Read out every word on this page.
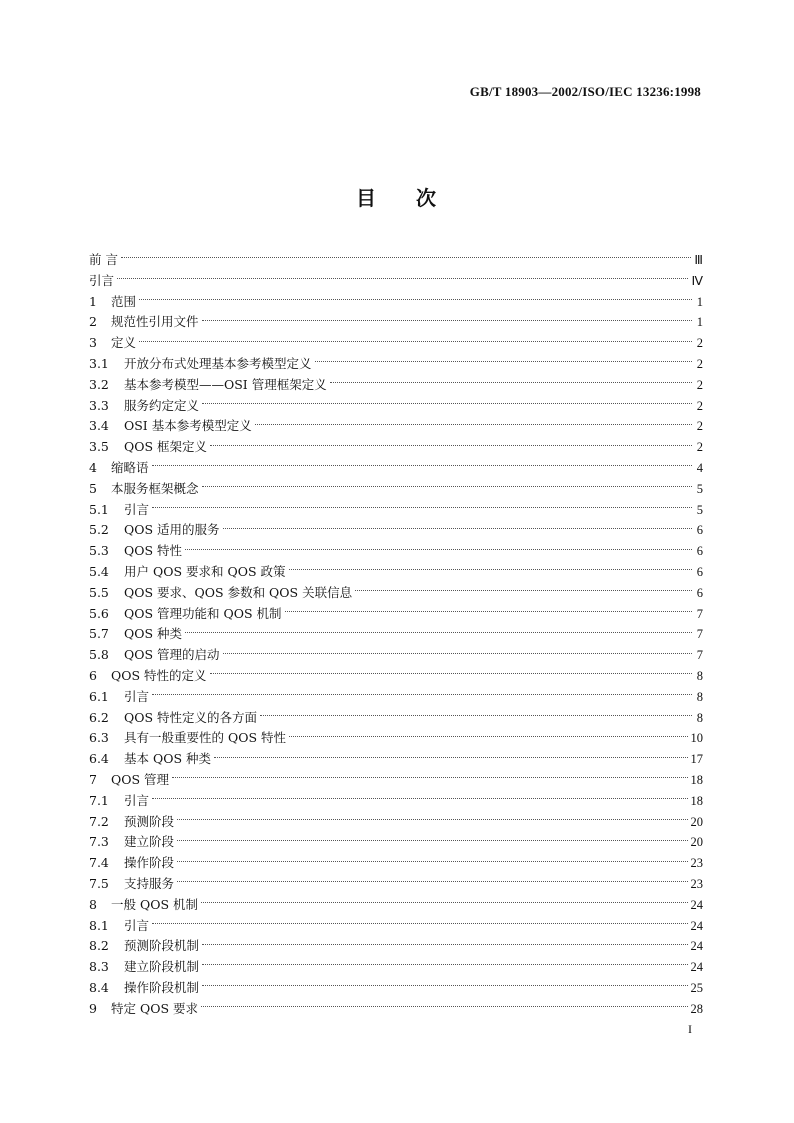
GB/T 18903—2002/ISO/IEC 13236:1998
目 次
前 言	Ⅲ
引言	Ⅳ
1	范围	1
2	规范性引用文件	1
3	定义	2
3.1	开放分布式处理基本参考模型定义	2
3.2	基本参考模型——OSI 管理框架定义	2
3.3	服务约定定义	2
3.4	OSI 基本参考模型定义	2
3.5	QOS 框架定义	2
4	缩略语	4
5	本服务框架概念	5
5.1	引言	5
5.2	QOS 适用的服务	6
5.3	QOS 特性	6
5.4	用户 QOS 要求和 QOS 政策	6
5.5	QOS 要求、QOS 参数和 QOS 关联信息	6
5.6	QOS 管理功能和 QOS 机制	7
5.7	QOS 种类	7
5.8	QOS 管理的启动	7
6	QOS 特性的定义	8
6.1	引言	8
6.2	QOS 特性定义的各方面	8
6.3	具有一般重要性的 QOS 特性	10
6.4	基本 QOS 种类	17
7	QOS 管理	18
7.1	引言	18
7.2	预测阶段	20
7.3	建立阶段	20
7.4	操作阶段	23
7.5	支持服务	23
8	一般 QOS 机制	24
8.1	引言	24
8.2	预测阶段机制	24
8.3	建立阶段机制	24
8.4	操作阶段机制	25
9	特定 QOS 要求	28
I
